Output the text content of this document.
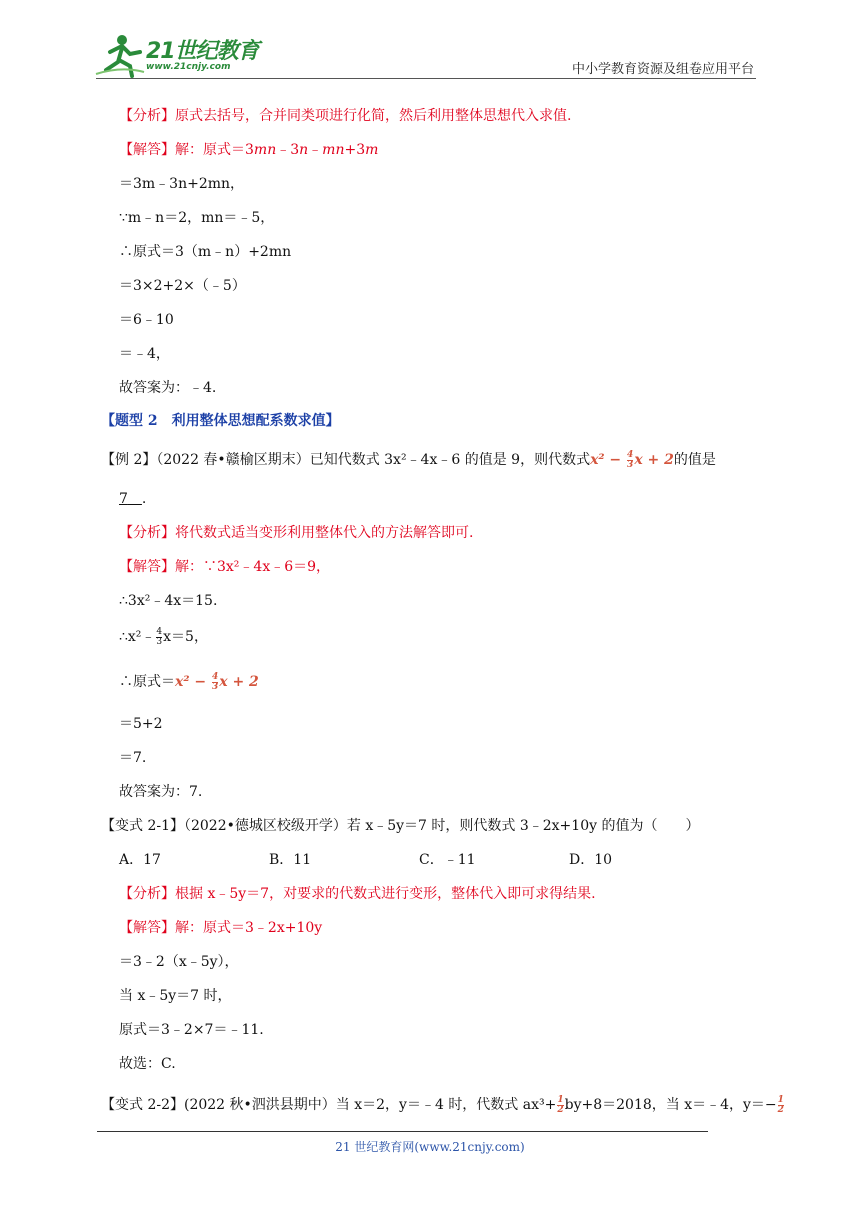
21世纪教育
www.21cnjy.com	中小学教育资源及组卷应用平台
【分析】原式去括号，合并同类项进行化简，然后利用整体思想代入求值.
【解答】解：原式＝3mn﹣3n﹣mn+3m
＝3m﹣3n+2mn，
∵m﹣n＝2，mn＝﹣5，
∴原式＝3（m﹣n）+2mn
＝3×2+2×（﹣5）
＝6﹣10
＝﹣4，
故答案为：﹣4.
【题型 2　利用整体思想配系数求值】
【例 2】（2022 春•赣榆区期末）已知代数式 3x²﹣4x﹣6 的值是 9，则代数式$x^2 - \frac{4}{3}$ x + 2的值是
7　 .
【分析】将代数式适当变形利用整体代入的方法解答即可.
【解答】解：∵3x²﹣4x﹣6＝9，
∴3x²﹣4x＝15.
∴x²﹣ $\frac{4}{3} x=5$，
∴原式$=x^2 - \frac{4}{3}$ x + 2
＝5+2
＝7.
故答案为：7.
【变式 2-1】（2022•德城区校级开学）若 x﹣5y＝7 时，则代数式 3﹣2x+10y 的值为（　　）
A．17	B．11	C．﹣11	D．10
【分析】根据 x﹣5y＝7，对要求的代数式进行变形，整体代入即可求得结果.
【解答】解：原式＝3﹣2x+10y
＝3﹣2（x﹣5y），
当 x﹣5y＝7 时，
原式＝3﹣2×7＝﹣11.
故选：C.
【变式 2-2】(2022 秋•泗洪县期中）当 x＝2，y＝﹣4 时，代数式 $ax^3+ \frac{1}{2} by+8=2018$，当 x＝﹣4，$y=- \frac{1}{2}$
21 世纪教育网(www.21cnjy.com)
